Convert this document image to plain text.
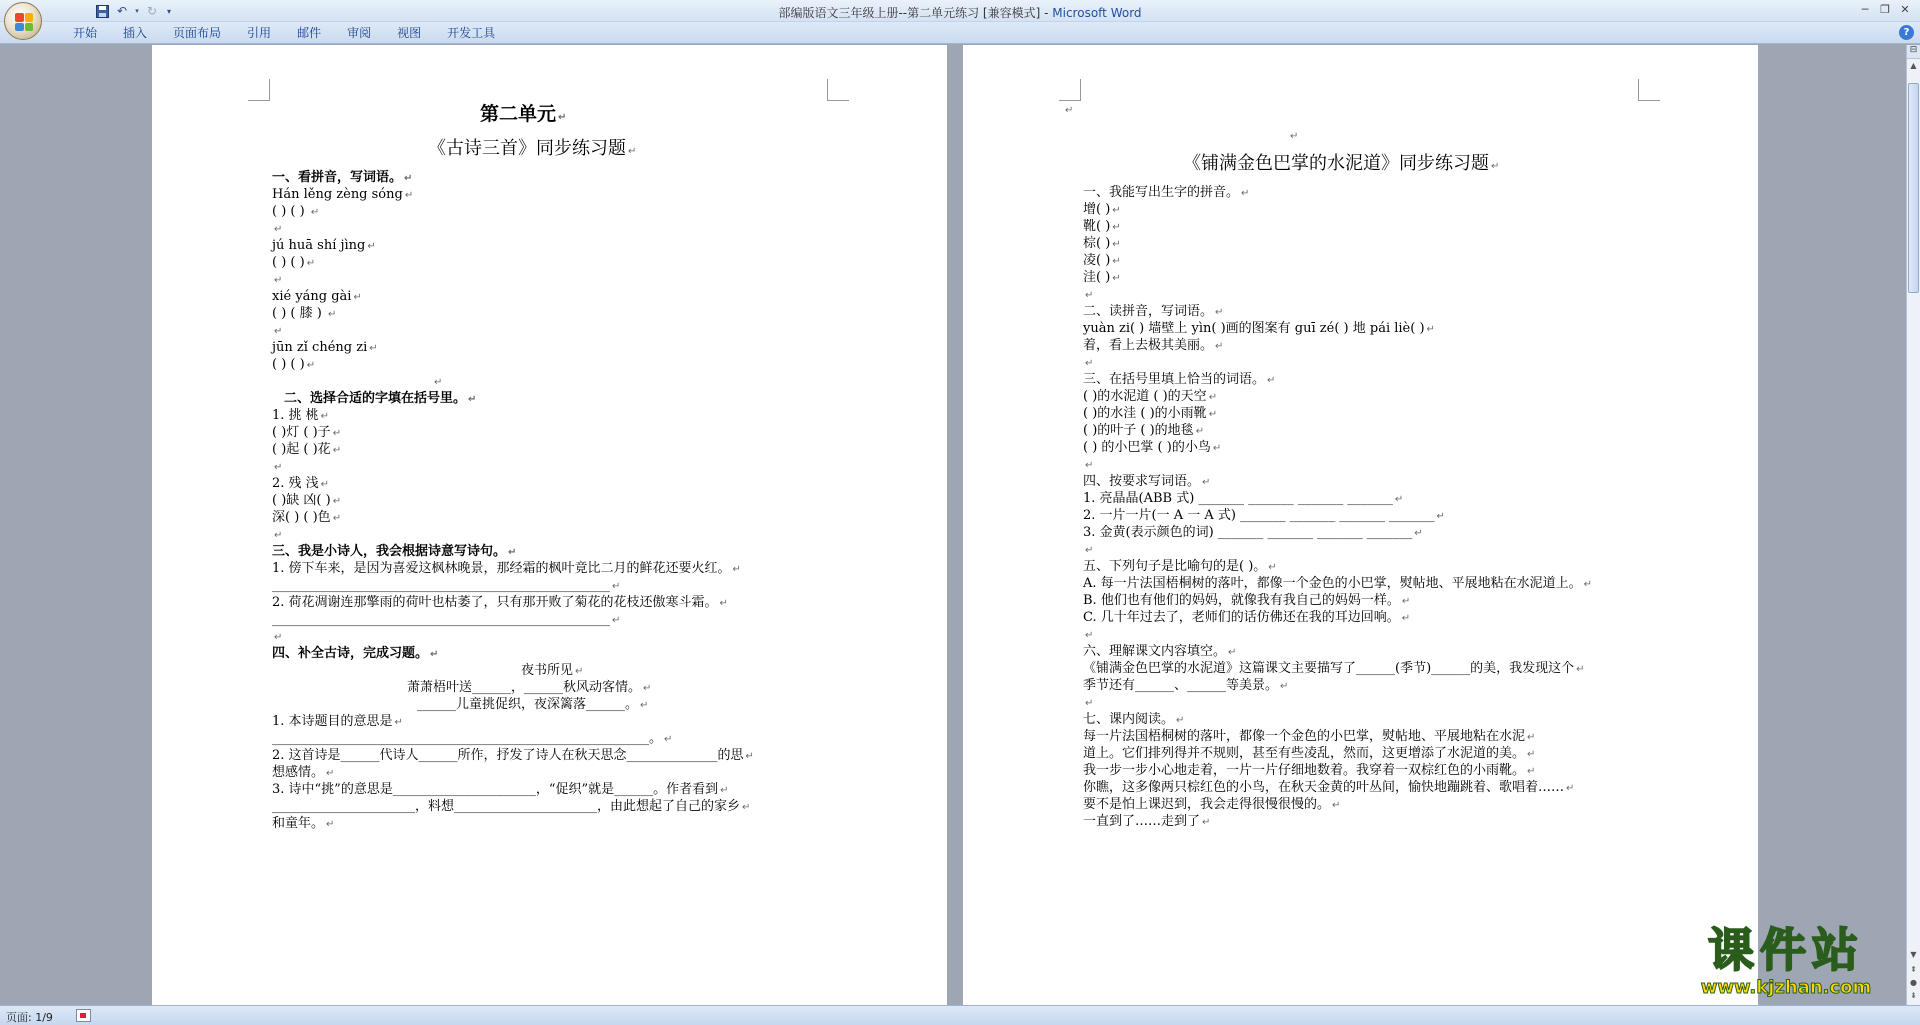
↶	▾ ↻	▾	部编版语文三年级上册--第二单元练习 [兼容模式] - Microsoft Word	─	❐ ✕
开始	插入	页面布局	引用	邮件	审阅	视图	开发工具	?
第二单元 ↵
《古诗三首》同步练习题 ↵
一、看拼音，写词语。 ↵
Hán lěng zèng sóng ↵
( ) ( ) ↵
↵
jú huā shí jìng ↵
( ) ( ) ↵
↵
xié yáng gài ↵
( ) ( 膝 ) ↵
↵
jūn zǐ chéng zi ↵
( ) ( ) ↵
↵
二、选择合适的字填在括号里。 ↵
1. 挑 桃 ↵
( )灯 ( )子 ↵
( )起 ( )花 ↵
↵
2. 残 浅 ↵
( )缺 凶( ) ↵
深( ) ( )色 ↵
↵
三、我是小诗人，我会根据诗意写诗句。 ↵
1. 傍下车来，是因为喜爱这枫林晚景，那经霜的枫叶竟比二月的鲜花还要火红。 ↵
____________________________________________________ ↵
2. 荷花凋谢连那擎雨的荷叶也枯萎了，只有那开败了菊花的花枝还傲寒斗霜。 ↵
____________________________________________________ ↵
↵
四、补全古诗，完成习题。 ↵
夜书所见 ↵
萧萧梧叶送______，______秋风动客情。 ↵
______儿童挑促织，夜深篱落______。 ↵
1. 本诗题目的意思是 ↵
__________________________________________________________。 ↵
2. 这首诗是______代诗人______所作，抒发了诗人在秋天思念______________的思 ↵
想感情。 ↵
3. 诗中“挑”的意思是______________________，“促织”就是______。作者看到 ↵
______________________，料想______________________，由此想起了自己的家乡 ↵
和童年。 ↵
↵
↵
《铺满金色巴掌的水泥道》同步练习题 ↵
一、我能写出生字的拼音。 ↵
增( ) ↵
靴( ) ↵
棕( ) ↵
凌( ) ↵
洼( ) ↵
↵
二、读拼音，写词语。 ↵
yuàn zi( ) 墙壁上 yìn( )画的图案有 guī zé( ) 地 pái liè( ) ↵
着，看上去极其美丽。 ↵
↵
三、在括号里填上恰当的词语。 ↵
( )的水泥道 ( )的天空 ↵
( )的水洼 ( )的小雨靴 ↵
( )的叶子 ( )的地毯 ↵
( ) 的小巴掌 ( )的小鸟 ↵
↵
四、按要求写词语。 ↵
1. 亮晶晶(ABB 式) _______ _______ _______ _______ ↵
2. 一片一片(一 A 一 A 式) _______ _______ _______ _______ ↵
3. 金黄(表示颜色的词) _______ _______ _______ _______ ↵
↵
五、下列句子是比喻句的是( )。 ↵
A. 每一片法国梧桐树的落叶，都像一个金色的小巴掌，熨帖地、平展地粘在水泥道上。 ↵
B. 他们也有他们的妈妈，就像我有我自己的妈妈一样。 ↵
C. 几十年过去了，老师们的话仿佛还在我的耳边回响。 ↵
↵
六、理解课文内容填空。 ↵
《铺满金色巴掌的水泥道》这篇课文主要描写了______(季节)______的美，我发现这个 ↵
季节还有______、______等美景。 ↵
↵
七、课内阅读。 ↵
每一片法国梧桐树的落叶，都像一个金色的小巴掌，熨帖地、平展地粘在水泥 ↵
道上。它们排列得并不规则，甚至有些凌乱，然而，这更增添了水泥道的美。 ↵
我一步一步小心地走着，一片一片仔细地数着。我穿着一双棕红色的小雨靴。 ↵
你瞧，这多像两只棕红色的小鸟，在秋天金黄的叶丛间，愉快地蹦跳着、歌唱着…… ↵
要不是怕上课迟到，我会走得很慢很慢的。 ↵
一直到了……走到了 ↵
⊟
▲
▼
⇞
●
⇟
页面: 1/9
课件站
www.kjzhan.com
